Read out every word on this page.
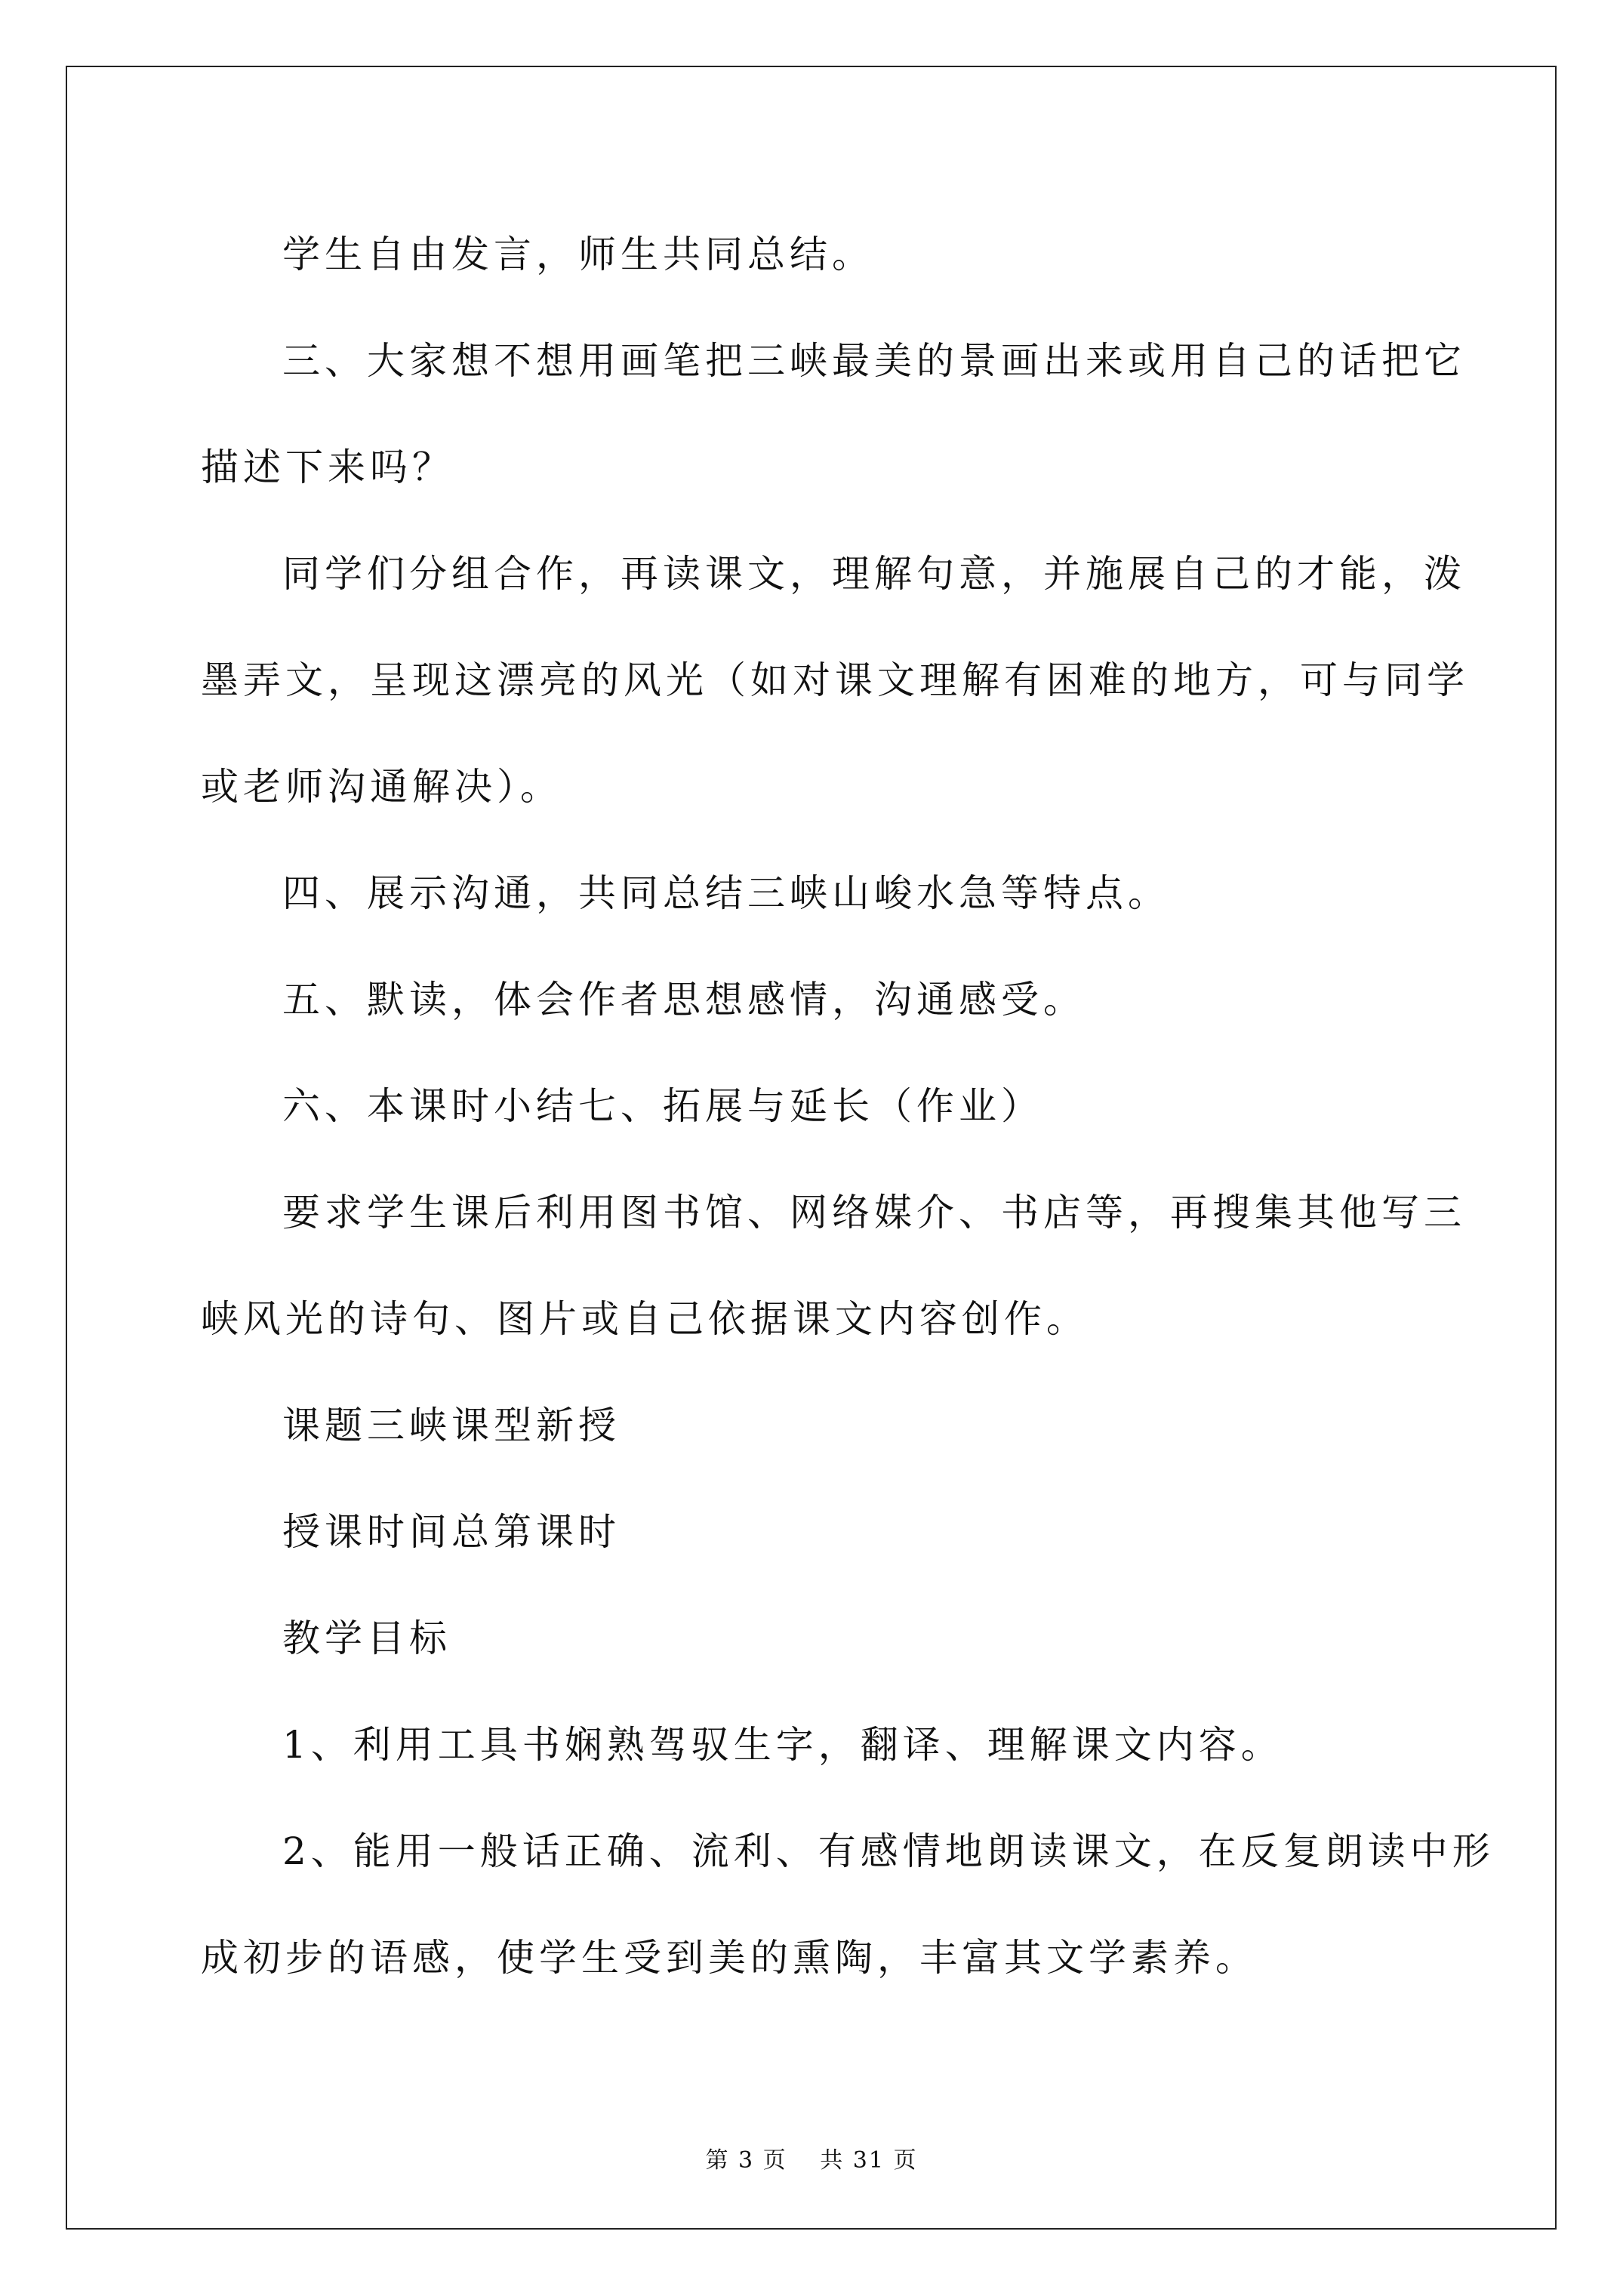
学生自由发言，师生共同总结。
三、大家想不想用画笔把三峡最美的景画出来或用自己的话把它
描述下来吗？
同学们分组合作，再读课文，理解句意，并施展自己的才能，泼
墨弄文，呈现这漂亮的风光（如对课文理解有困难的地方，可与同学
或老师沟通解决）。
四、展示沟通，共同总结三峡山峻水急等特点。
五、默读，体会作者思想感情，沟通感受。
六、本课时小结七、拓展与延长（作业）
要求学生课后利用图书馆、网络媒介、书店等，再搜集其他写三
峡风光的诗句、图片或自己依据课文内容创作。
课题三峡课型新授
授课时间总第课时
教学目标
1、利用工具书娴熟驾驭生字，翻译、理解课文内容。
2、能用一般话正确、流利、有感情地朗读课文，在反复朗读中形
成初步的语感，使学生受到美的熏陶，丰富其文学素养。
第 3 页　 共 31 页
